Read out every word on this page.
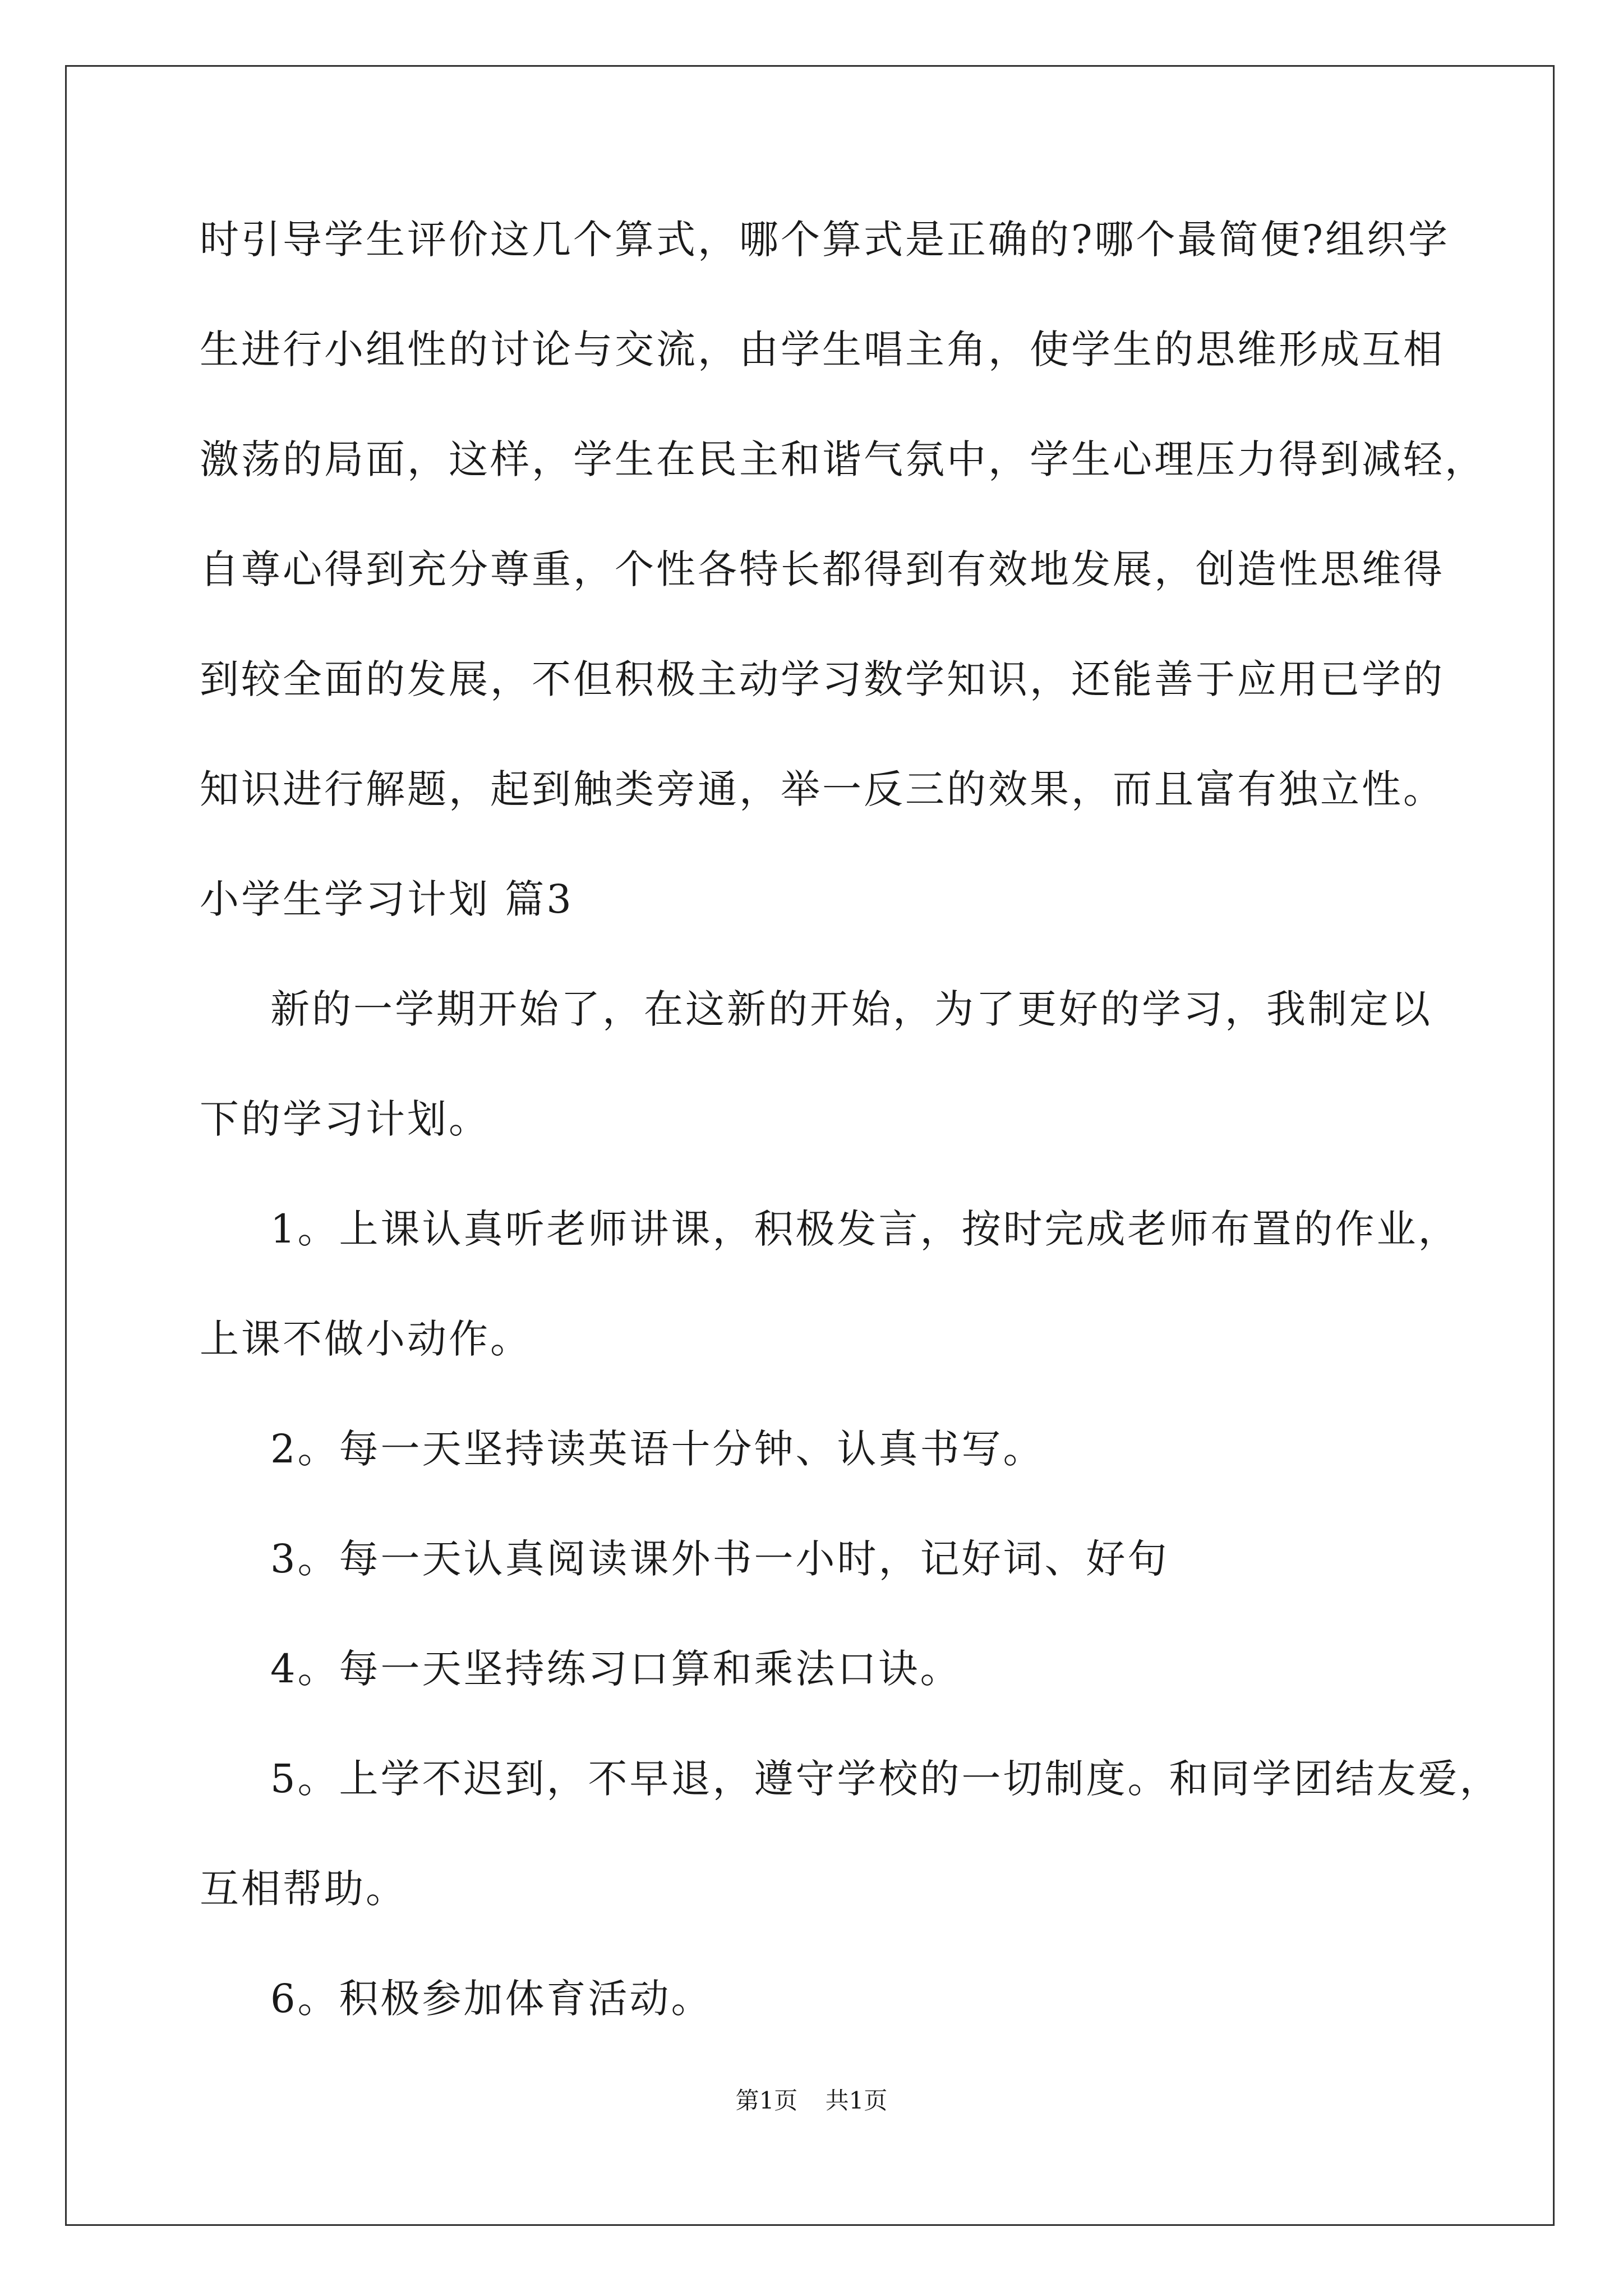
时引导学生评价这几个算式，哪个算式是正确的?哪个最简便?组织学
生进行小组性的讨论与交流，由学生唱主角，使学生的思维形成互相
激荡的局面，这样，学生在民主和谐气氛中，学生心理压力得到减轻，
自尊心得到充分尊重，个性各特长都得到有效地发展，创造性思维得
到较全面的发展，不但积极主动学习数学知识，还能善于应用已学的
知识进行解题，起到触类旁通，举一反三的效果，而且富有独立性。
小学生学习计划 篇3
新的一学期开始了，在这新的开始，为了更好的学习，我制定以
下的学习计划。
1。上课认真听老师讲课，积极发言，按时完成老师布置的作业，
上课不做小动作。
2。每一天坚持读英语十分钟、认真书写。
3。每一天认真阅读课外书一小时，记好词、好句
4。每一天坚持练习口算和乘法口诀。
5。上学不迟到，不早退，遵守学校的一切制度。和同学团结友爱，
互相帮助。
6。积极参加体育活动。
第1页 共1页
